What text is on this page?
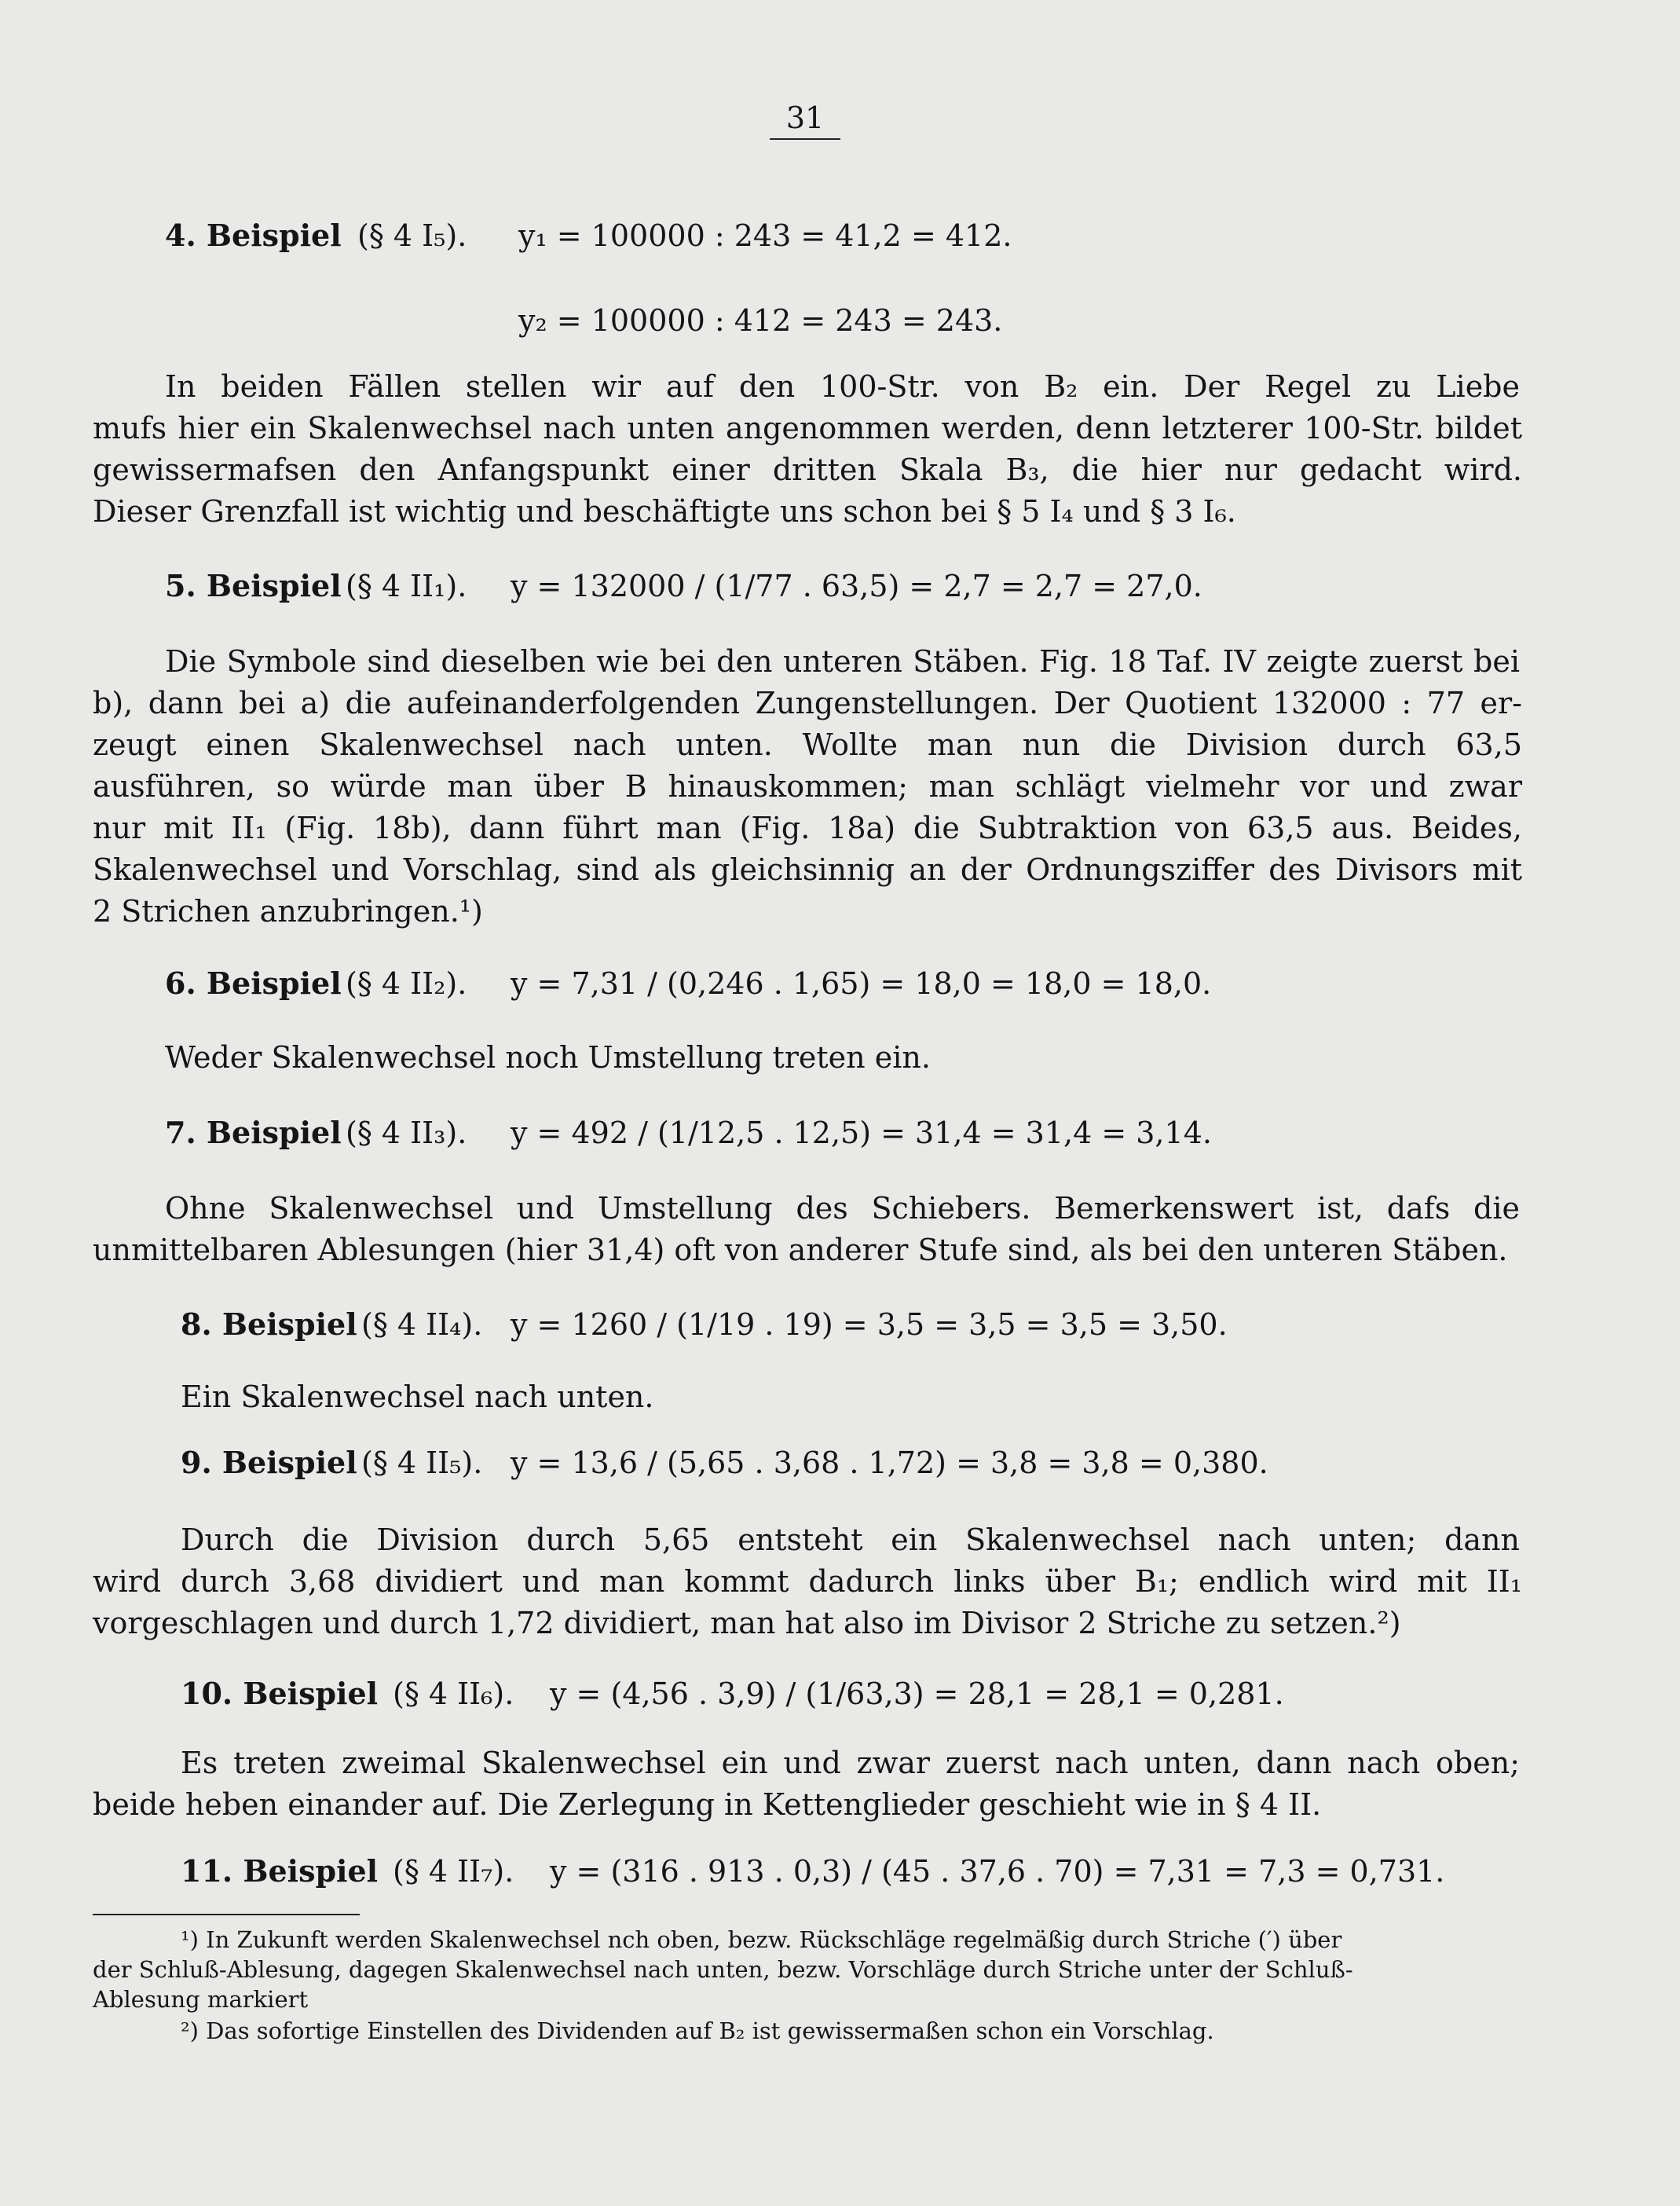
31
4. Beispiel (§ 4 I₅). y₁ = 100000 : 243 = 41,2 = 412.
y₂ = 100000 : 412 = 243 = 243.
In beiden Fällen stellen wir auf den 100-Str. von B₂ ein. Der Regel zu Liebe
mufs hier ein Skalenwechsel nach unten angenommen werden, denn letzterer 100-Str. bildet
gewissermafsen den Anfangspunkt einer dritten Skala B₃, die hier nur gedacht wird.
Dieser Grenzfall ist wichtig und beschäftigte uns schon bei § 5 I₄ und § 3 I₆.
5. Beispiel (§ 4 II₁). y = 132000 / (1/77 . 63,5) = 2,7 = 2,7 = 27,0.
Die Symbole sind dieselben wie bei den unteren Stäben. Fig. 18 Taf. IV zeigte zuerst bei
b), dann bei a) die aufeinanderfolgenden Zungenstellungen. Der Quotient 132000 : 77 er-
zeugt einen Skalenwechsel nach unten. Wollte man nun die Division durch 63,5
ausführen, so würde man über B hinauskommen; man schlägt vielmehr vor und zwar
nur mit II₁ (Fig. 18b), dann führt man (Fig. 18a) die Subtraktion von 63,5 aus. Beides,
Skalenwechsel und Vorschlag, sind als gleichsinnig an der Ordnungsziffer des Divisors mit
2 Strichen anzubringen.¹)
6. Beispiel (§ 4 II₂). y = 7,31 / (0,246 . 1,65) = 18,0 = 18,0 = 18,0.
Weder Skalenwechsel noch Umstellung treten ein.
7. Beispiel (§ 4 II₃). y = 492 / (1/12,5 . 12,5) = 31,4 = 31,4 = 3,14.
Ohne Skalenwechsel und Umstellung des Schiebers. Bemerkenswert ist, dafs die
unmittelbaren Ablesungen (hier 31,4) oft von anderer Stufe sind, als bei den unteren Stäben.
8. Beispiel (§ 4 II₄). y = 1260 / (1/19 . 19) = 3,5 = 3,5 = 3,5 = 3,50.
Ein Skalenwechsel nach unten.
9. Beispiel (§ 4 II₅). y = 13,6 / (5,65 . 3,68 . 1,72) = 3,8 = 3,8 = 0,380.
Durch die Division durch 5,65 entsteht ein Skalenwechsel nach unten; dann
wird durch 3,68 dividiert und man kommt dadurch links über B₁; endlich wird mit II₁
vorgeschlagen und durch 1,72 dividiert, man hat also im Divisor 2 Striche zu setzen.²)
10. Beispiel (§ 4 II₆). y = (4,56 . 3,9) / (1/63,3) = 28,1 = 28,1 = 0,281.
Es treten zweimal Skalenwechsel ein und zwar zuerst nach unten, dann nach oben;
beide heben einander auf. Die Zerlegung in Kettenglieder geschieht wie in § 4 II.
11. Beispiel (§ 4 II₇). y = (316 . 913 . 0,3) / (45 . 37,6 . 70) = 7,31 = 7,3 = 0,731.
¹) In Zukunft werden Skalenwechsel nch oben, bezw. Rückschläge regelmäßig durch Striche (′) über
der Schluß-Ablesung, dagegen Skalenwechsel nach unten, bezw. Vorschläge durch Striche unter der Schluß-
Ablesung markiert
²) Das sofortige Einstellen des Dividenden auf B₂ ist gewissermaßen schon ein Vorschlag.
